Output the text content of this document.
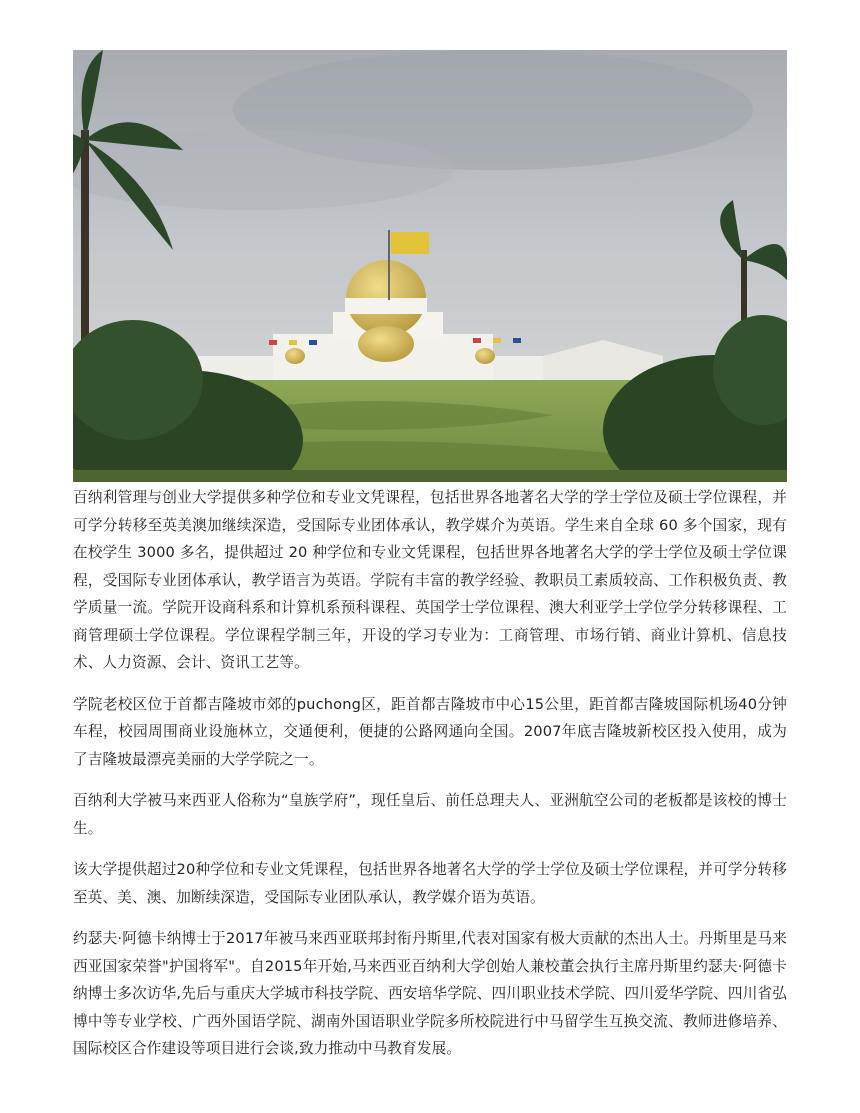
百纳利管理与创业大学提供多种学位和专业文凭课程，包括世界各地著名大学的学士学位及硕士学位课程，并可学分转移至英美澳加继续深造，受国际专业团体承认，教学媒介为英语。学生来自全球 60 多个国家，现有在校学生 3000 多名，提供超过 20 种学位和专业文凭课程，包括世界各地著名大学的学士学位及硕士学位课程，受国际专业团体承认，教学语言为英语。学院有丰富的教学经验、教职员工素质较高、工作积极负责、教学质量一流。学院开设商科系和计算机系预科课程、英国学士学位课程、澳大利亚学士学位学分转移课程、工商管理硕士学位课程。学位课程学制三年，开设的学习专业为：工商管理、市场行销、商业计算机、信息技术、人力资源、会计、资讯工艺等。

学院老校区位于首都吉隆坡市郊的puchong区，距首都吉隆坡市中心15公里，距首都吉隆坡国际机场40分钟车程，校园周围商业设施林立，交通便利，便捷的公路网通向全国。2007年底吉隆坡新校区投入使用，成为了吉隆坡最漂亮美丽的大学学院之一。

百纳利大学被马来西亚人俗称为“皇族学府”，现任皇后、前任总理夫人、亚洲航空公司的老板都是该校的博士生。

该大学提供超过20种学位和专业文凭课程，包括世界各地著名大学的学士学位及硕士学位课程，并可学分转移至英、美、澳、加断续深造，受国际专业团队承认，教学媒介语为英语。

约瑟夫·阿德卡纳博士于2017年被马来西亚联邦封衔丹斯里,代表对国家有极大贡献的杰出人士。丹斯里是马来西亚国家荣誉"护国将军"。自2015年开始,马来西亚百纳利大学创始人兼校董会执行主席丹斯里约瑟夫·阿德卡纳博士多次访华,先后与重庆大学城市科技学院、西安培华学院、四川职业技术学院、四川爱华学院、四川省弘博中等专业学校、广西外国语学院、湖南外国语职业学院多所校院进行中马留学生互换交流、教师进修培养、国际校区合作建设等项目进行会谈,致力推动中马教育发展。
